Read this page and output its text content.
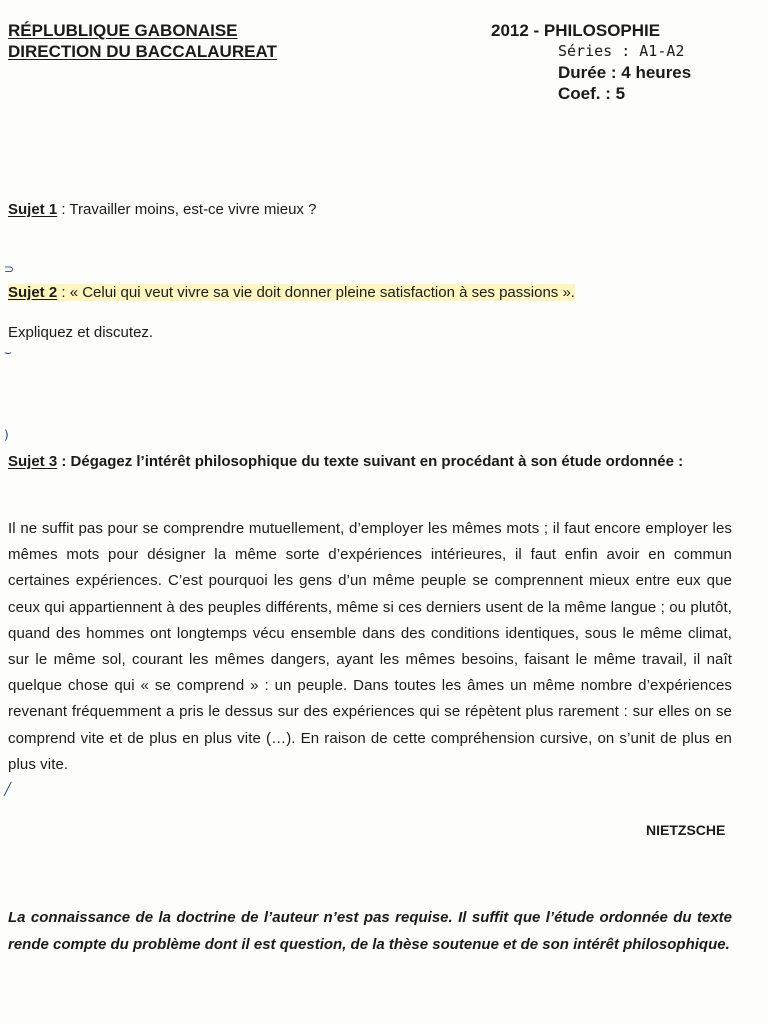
RÉPLUBLIQUE GABONAISE
DIRECTION DU BACCALAUREAT
2012 - PHILOSOPHIE
Séries : A1-A2
Durée : 4 heures
Coef. : 5
Sujet 1 : Travailler moins, est-ce vivre mieux ?
⊃
Sujet 2 : « Celui qui veut vivre sa vie doit donner pleine satisfaction à ses passions ».
Expliquez et discutez.
⌣
)
Sujet 3 : Dégagez l’intérêt philosophique du texte suivant en procédant à son étude ordonnée :
Il ne suffit pas pour se comprendre mutuellement, d’employer les mêmes mots ; il faut encore employer les mêmes mots pour désigner la même sorte d’expériences intérieures, il faut enfin avoir en commun certaines expériences. C’est pourquoi les gens d’un même peuple se comprennent mieux entre eux que ceux qui appartiennent à des peuples différents, même si ces derniers usent de la même langue ; ou plutôt, quand des hommes ont longtemps vécu ensemble dans des conditions identiques, sous le même climat, sur le même sol, courant les mêmes dangers, ayant les mêmes besoins, faisant le même travail, il naît quelque chose qui « se comprend » : un peuple. Dans toutes les âmes un même nombre d’expériences revenant fréquemment a pris le dessus sur des expériences qui se répètent plus rarement : sur elles on se comprend vite et de plus en plus vite (…). En raison de cette compréhension cursive, on s’unit de plus en plus vite.
╱
NIETZSCHE
La connaissance de la doctrine de l’auteur n’est pas requise. Il suffit que l’étude ordonnée du texte rende compte du problème dont il est question, de la thèse soutenue et de son intérêt philosophique.
